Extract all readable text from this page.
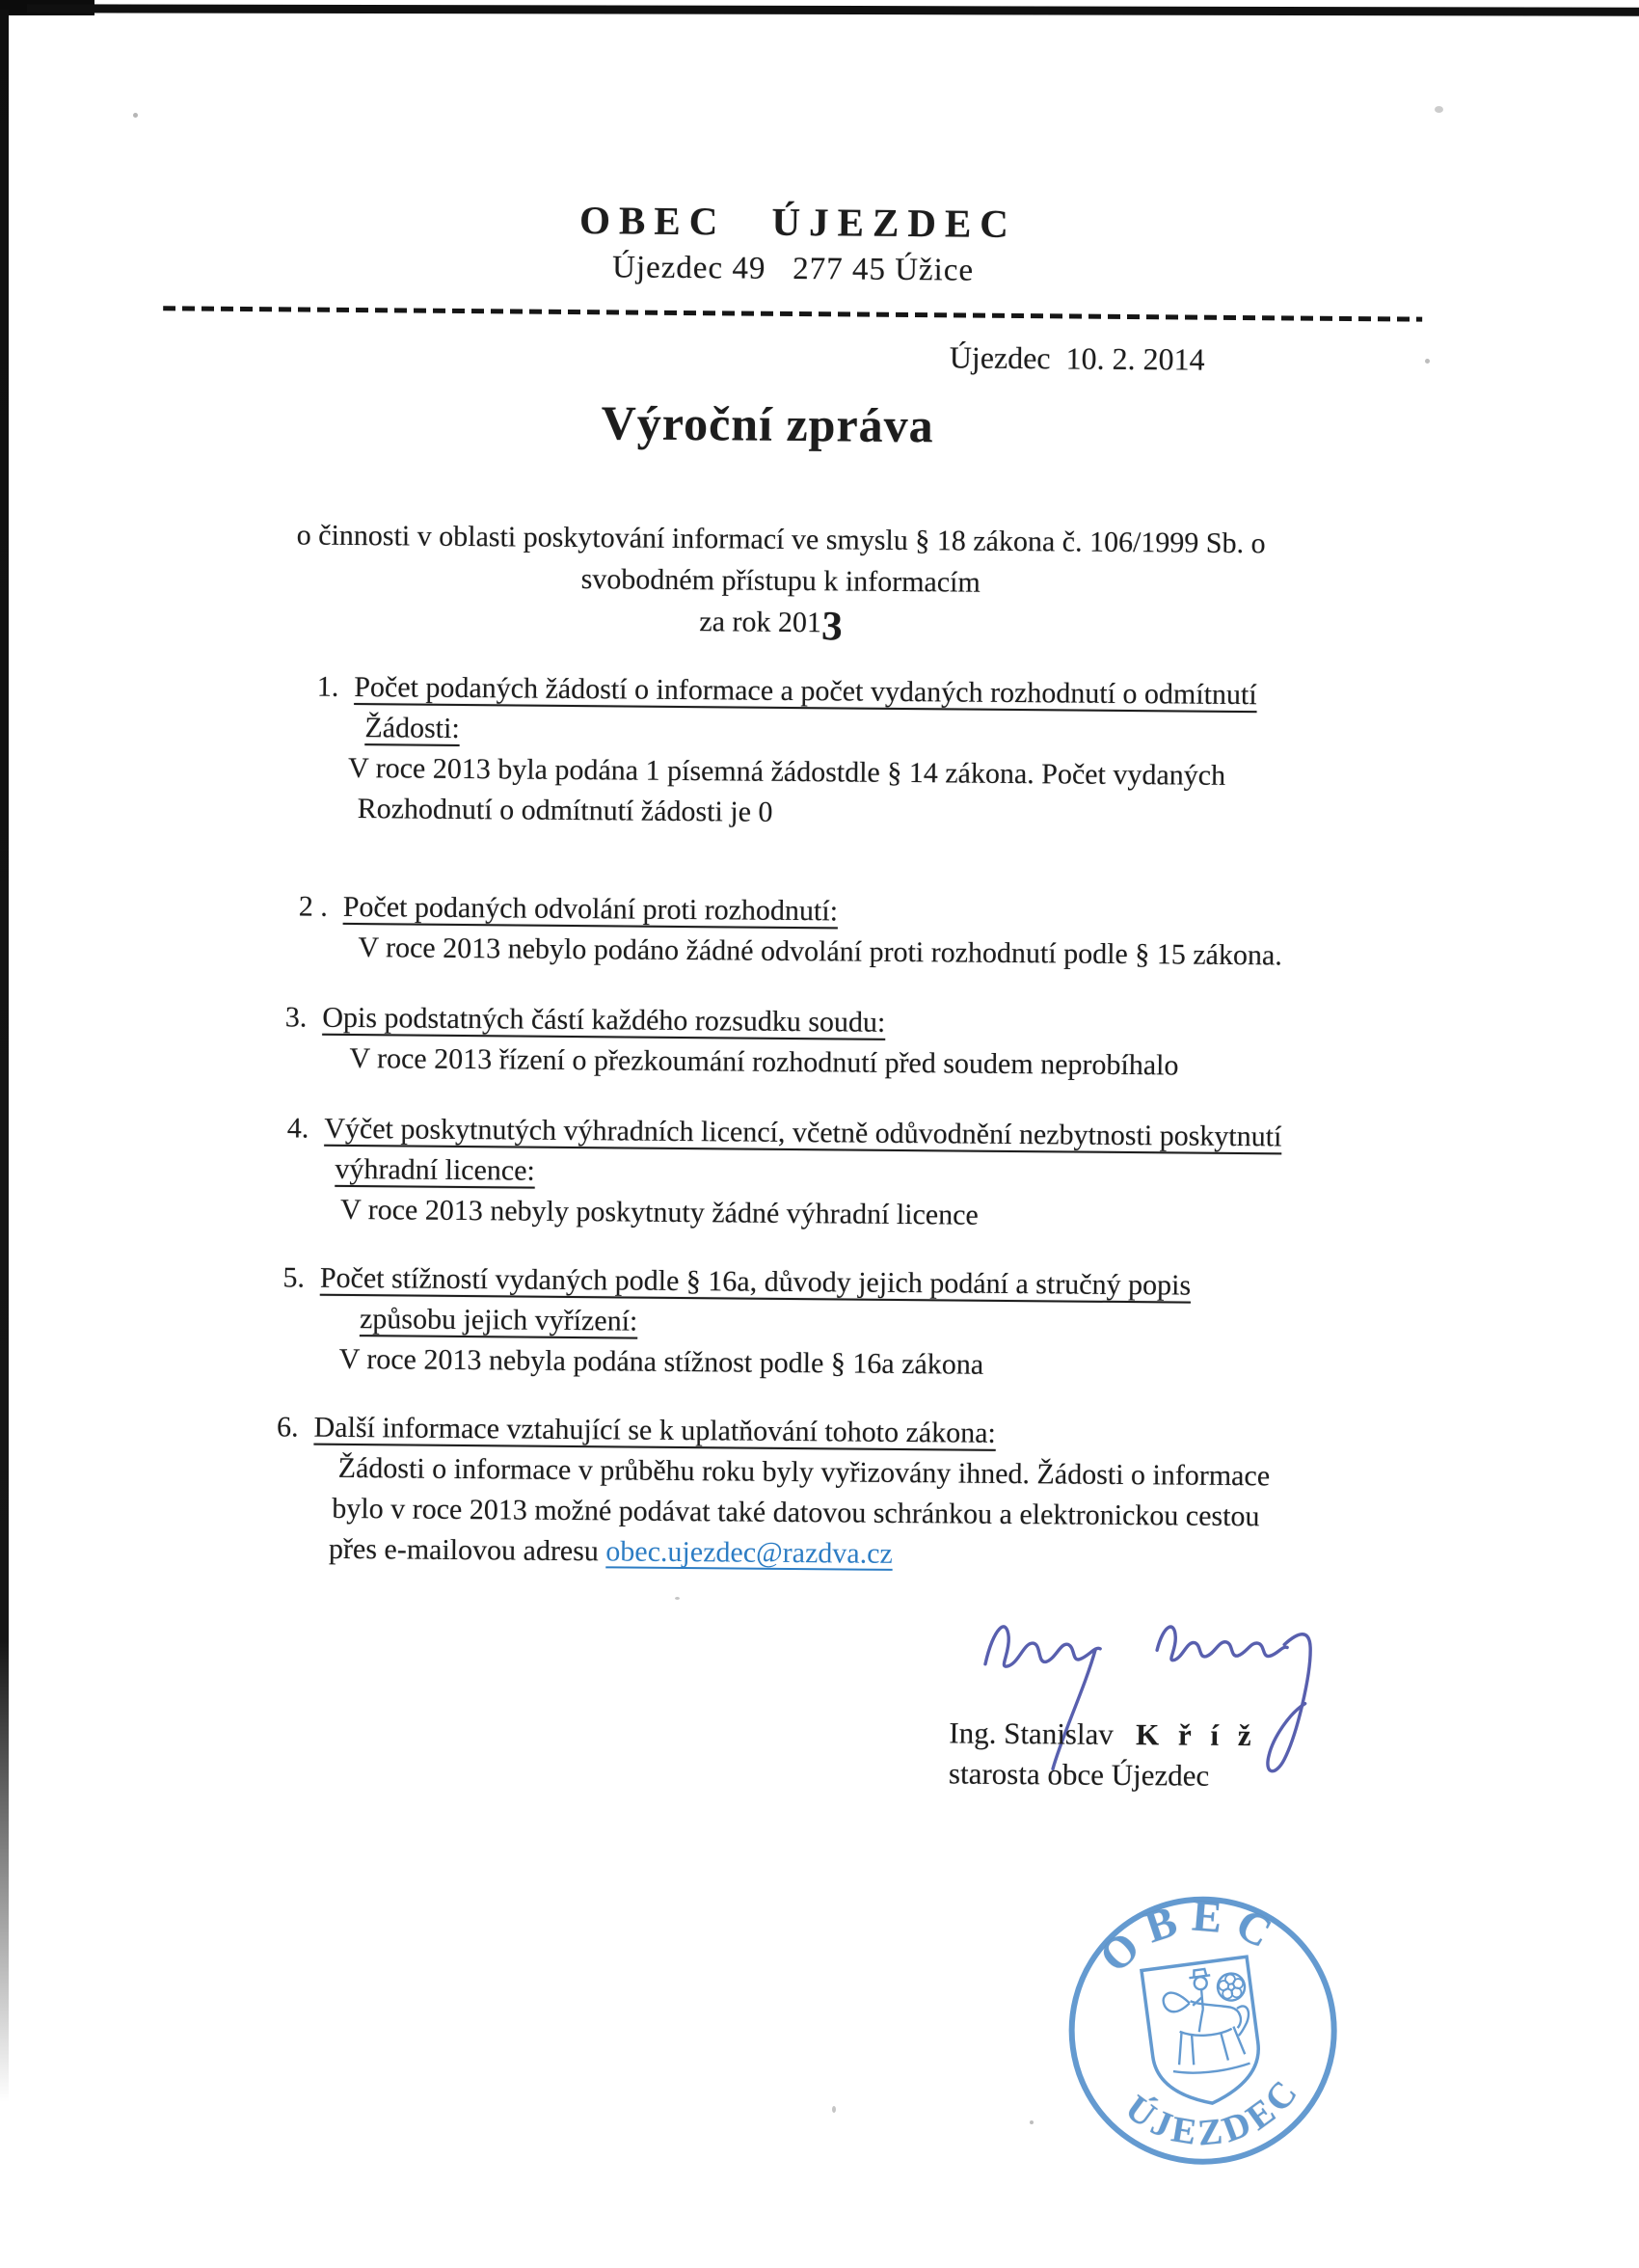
OBEC ÚJEZDEC
Újezdec 49   277 45 Úžice
Újezdec  10. 2. 2014
Výroční zpráva
o činnosti v oblasti poskytování informací ve smyslu § 18 zákona č. 106/1999 Sb. o
svobodném přístupu k informacím
za rok 2013
1. Počet podaných žádostí o informace a počet vydaných rozhodnutí o odmítnutí
Žádosti:
V roce 2013 byla podána 1 písemná žádostdle § 14 zákona. Počet vydaných
Rozhodnutí o odmítnutí žádosti je 0
2 . Počet podaných odvolání proti rozhodnutí:
V roce 2013 nebylo podáno žádné odvolání proti rozhodnutí podle § 15 zákona.
3. Opis podstatných částí každého rozsudku soudu:
V roce 2013 řízení o přezkoumání rozhodnutí před soudem neprobíhalo
4. Výčet poskytnutých výhradních licencí, včetně odůvodnění nezbytnosti poskytnutí
výhradní licence:
V roce 2013 nebyly poskytnuty žádné výhradní licence
5. Počet stížností vydaných podle § 16a, důvody jejich podání a stručný popis
způsobu jejich vyřízení:
V roce 2013 nebyla podána stížnost podle § 16a zákona
6. Další informace vztahující se k uplatňování tohoto zákona:
Žádosti o informace v průběhu roku byly vyřizovány ihned. Žádosti o informace
bylo v roce 2013 možné podávat také datovou schránkou a elektronickou cestou
přes e-mailovou adresu obec.ujezdec@razdva.cz
Ing. Stanislav   K ř í ž
starosta obce Újezdec
OBEC
ÚJEZDEC
